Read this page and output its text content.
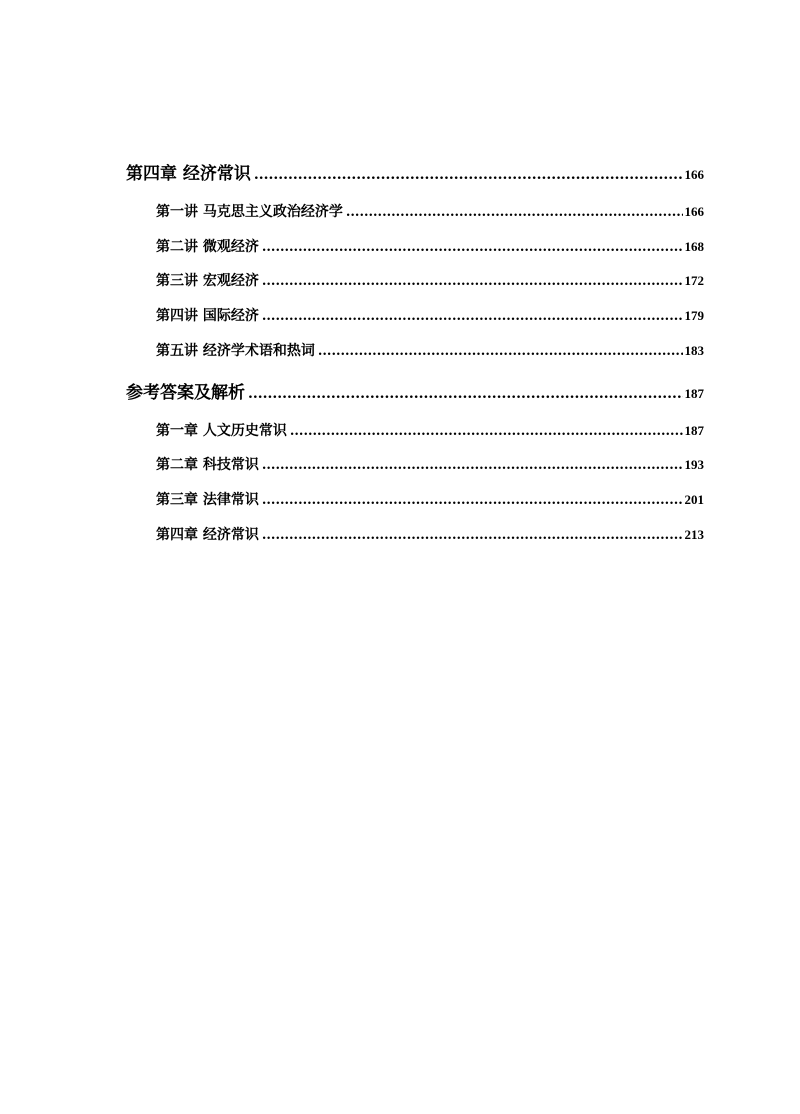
第四章 经济常识 .....	166
第一讲 马克思主义政治经济学 .....	166
第二讲 微观经济 .....	168
第三讲 宏观经济 .....	172
第四讲 国际经济 .....	179
第五讲 经济学术语和热词 .....	183
参考答案及解析 .....	187
第一章 人文历史常识 .....	187
第二章 科技常识 .....	193
第三章 法律常识 .....	201
第四章 经济常识 .....	213
